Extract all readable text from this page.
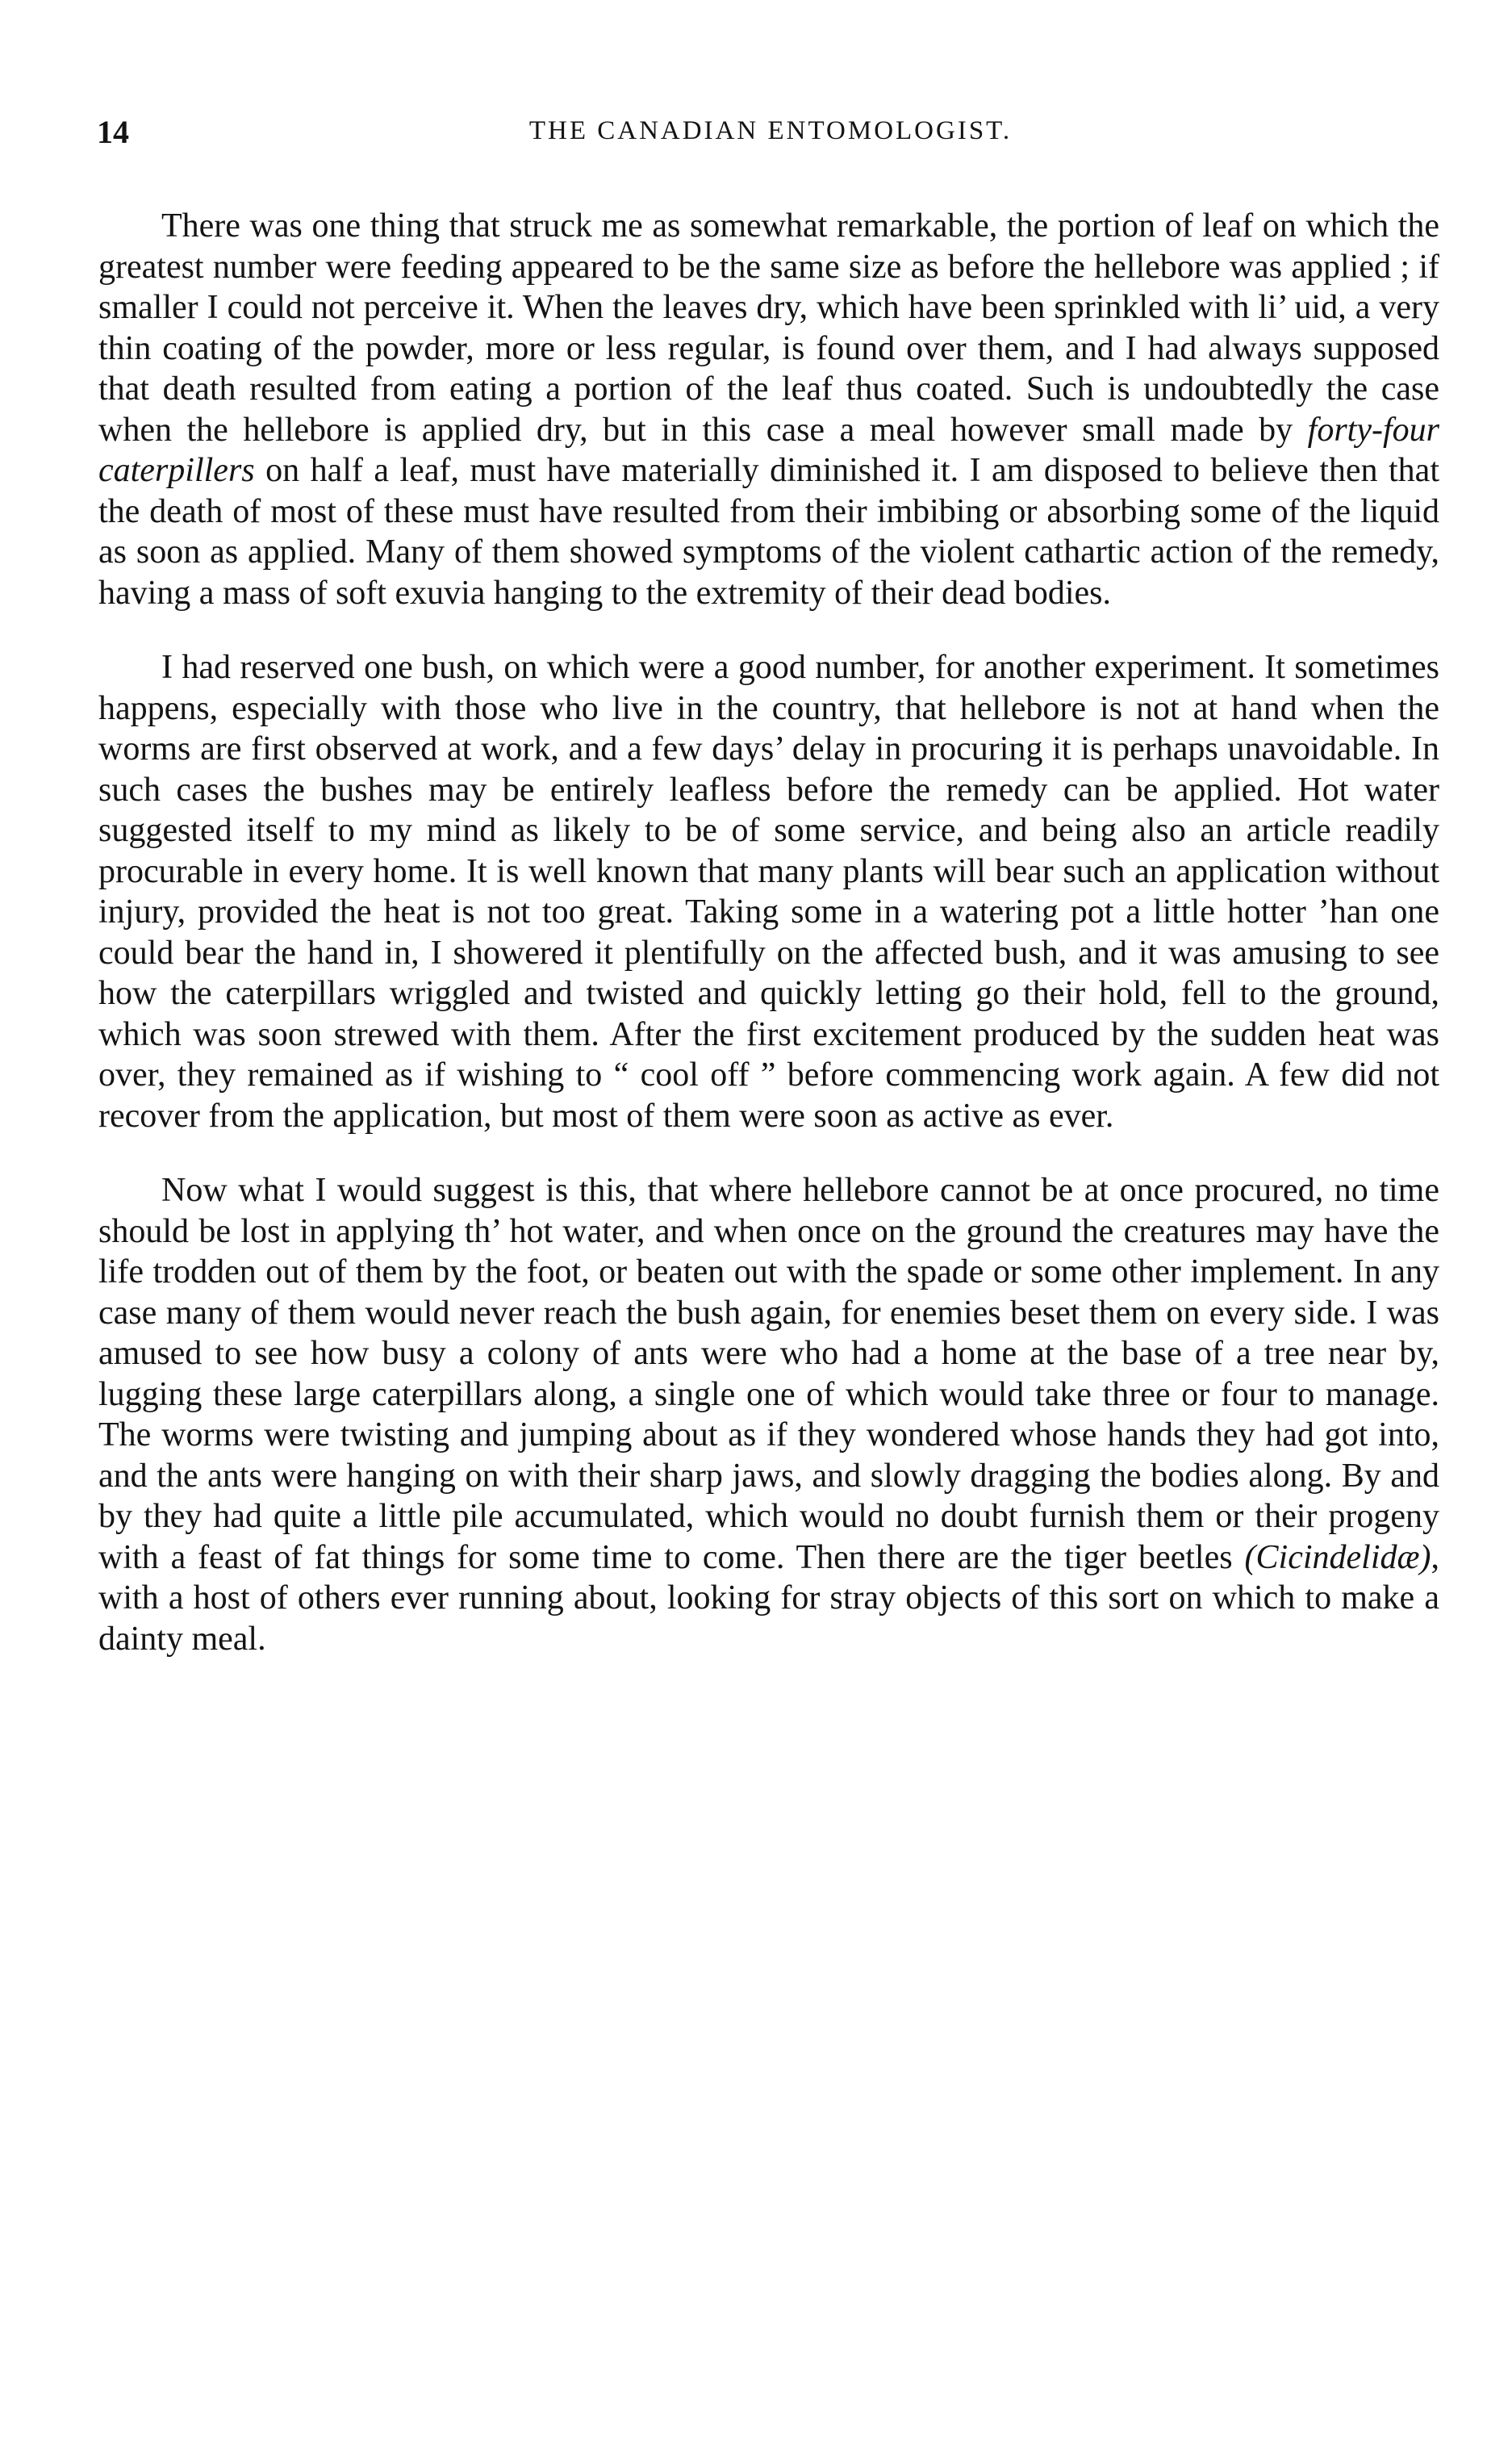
14	THE CANADIAN ENTOMOLOGIST.

There was one thing that struck me as somewhat remarkable, the portion of leaf on which the greatest number were feeding appeared to be the same size as before the hellebore was applied ; if smaller I could not perceive it. When the leaves dry, which have been sprinkled with li’ uid, a very thin coating of the powder, more or less regular, is found over them, and I had always supposed that death resulted from eating a portion of the leaf thus coated. Such is undoubtedly the case when the hellebore is applied dry, but in this case a meal however small made by forty-four caterpillers on half a leaf, must have materially diminished it. I am disposed to believe then that the death of most of these must have resulted from their imbibing or absorbing some of the liquid as soon as applied. Many of them showed symptoms of the violent cathartic action of the remedy, having a mass of soft exuvia hanging to the extremity of their dead bodies.

I had reserved one bush, on which were a good number, for another experiment. It sometimes happens, especially with those who live in the country, that hellebore is not at hand when the worms are first observed at work, and a few days’ delay in procuring it is perhaps unavoidable. In such cases the bushes may be entirely leafless before the remedy can be applied. Hot water suggested itself to my mind as likely to be of some service, and being also an article readily procurable in every home. It is well known that many plants will bear such an application without injury, provided the heat is not too great. Taking some in a watering pot a little hotter ’han one could bear the hand in, I showered it plentifully on the affected bush, and it was amusing to see how the caterpillars wriggled and twisted and quickly letting go their hold, fell to the ground, which was soon strewed with them. After the first excitement produced by the sudden heat was over, they remained as if wishing to “ cool off ” before commencing work again. A few did not recover from the application, but most of them were soon as active as ever.

Now what I would suggest is this, that where hellebore cannot be at once procured, no time should be lost in applying th’ hot water, and when once on the ground the creatures may have the life trodden out of them by the foot, or beaten out with the spade or some other implement. In any case many of them would never reach the bush again, for enemies beset them on every side. I was amused to see how busy a colony of ants were who had a home at the base of a tree near by, lugging these large caterpillars along, a single one of which would take three or four to manage. The worms were twisting and jumping about as if they wondered whose hands they had got into, and the ants were hanging on with their sharp jaws, and slowly dragging the bodies along. By and by they had quite a little pile accumulated, which would no doubt furnish them or their progeny with a feast of fat things for some time to come. Then there are the tiger beetles (Cicindelidæ), with a host of others ever running about, looking for stray objects of this sort on which to make a dainty meal.
